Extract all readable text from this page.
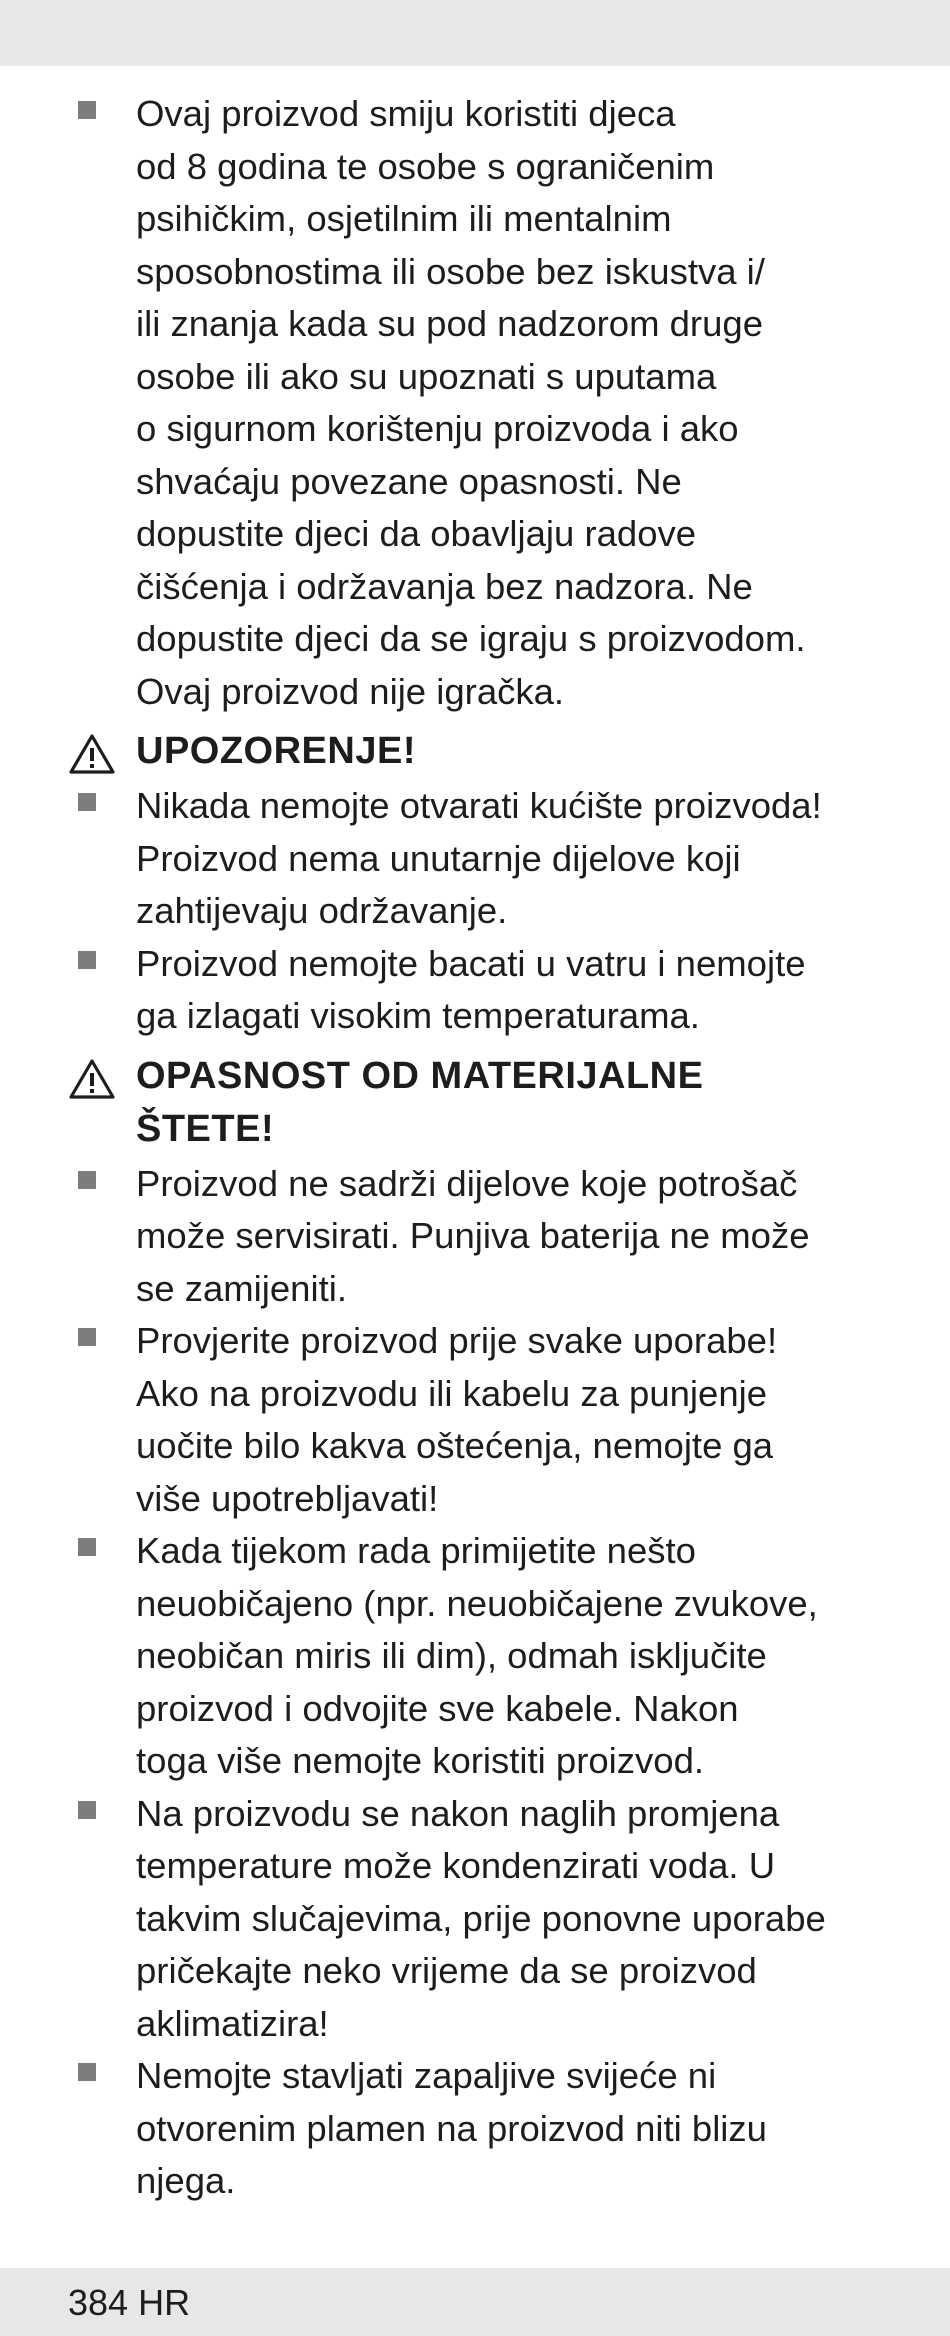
Ovaj proizvod smiju koristiti djeca
od 8 godina te osobe s ograničenim
psihičkim, osjetilnim ili mentalnim
sposobnostima ili osobe bez iskustva i/
ili znanja kada su pod nadzorom druge
osobe ili ako su upoznati s uputama
o sigurnom korištenju proizvoda i ako
shvaćaju povezane opasnosti. Ne
dopustite djeci da obavljaju radove
čišćenja i održavanja bez nadzora. Ne
dopustite djeci da se igraju s proizvodom.
Ovaj proizvod nije igračka.

UPOZORENJE!

Nikada nemojte otvarati kućište proizvoda!
Proizvod nema unutarnje dijelove koji
zahtijevaju održavanje.

Proizvod nemojte bacati u vatru i nemojte
ga izlagati visokim temperaturama.

OPASNOST OD MATERIJALNE
ŠTETE!

Proizvod ne sadrži dijelove koje potrošač
može servisirati. Punjiva baterija ne može
se zamijeniti.

Provjerite proizvod prije svake uporabe!
Ako na proizvodu ili kabelu za punjenje
uočite bilo kakva oštećenja, nemojte ga
više upotrebljavati!

Kada tijekom rada primijetite nešto
neuobičajeno (npr. neuobičajene zvukove,
neobičan miris ili dim), odmah isključite
proizvod i odvojite sve kabele. Nakon
toga više nemojte koristiti proizvod.

Na proizvodu se nakon naglih promjena
temperature može kondenzirati voda. U
takvim slučajevima, prije ponovne uporabe
pričekajte neko vrijeme da se proizvod
aklimatizira!

Nemojte stavljati zapaljive svijeće ni
otvorenim plamen na proizvod niti blizu
njega.

384 HR
